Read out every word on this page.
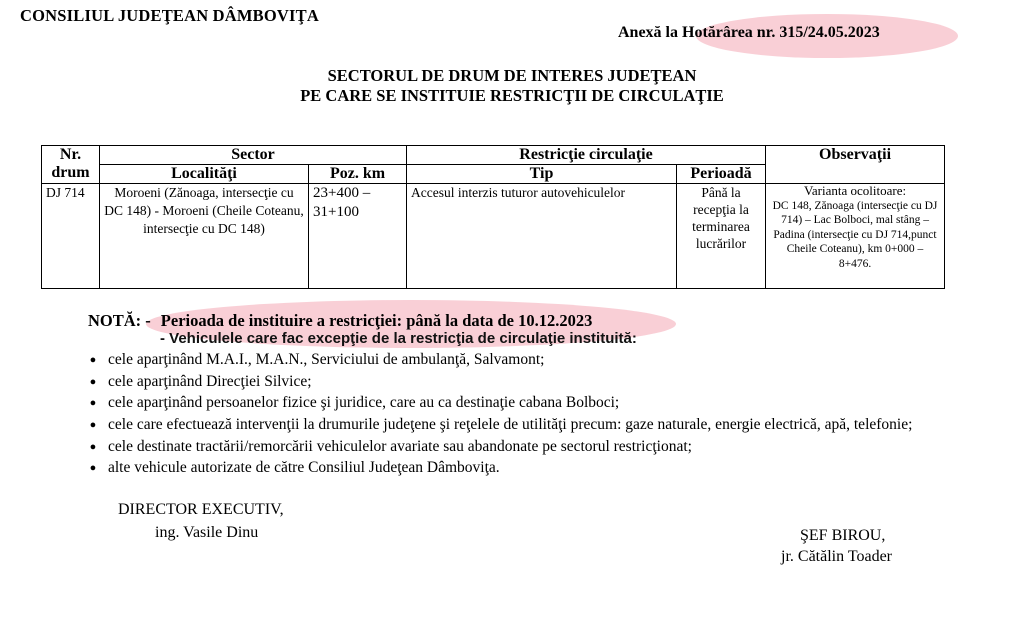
CONSILIUL JUDEŢEAN DÂMBOVIŢA
Anexă la Hotărârea nr. 315/24.05.2023
SECTORUL DE DRUM DE INTERES JUDEŢEAN
PE CARE SE INSTITUIE RESTRICŢII DE CIRCULAŢIE
Nr. drum	Sector		Restricţie circulaţie		Observaţii
	Localităţi	Poz. km	Tip	Perioadă	
DJ 714	Moroeni (Zănoaga, intersecţie cu DC 148) - Moroeni (Cheile Coteanu, intersecţie cu DC 148)	23+400 – 31+100	Accesul interzis tuturor autovehiculelor	Până la recepţia la terminarea lucrărilor	Varianta ocolitoare:
DC 148, Zănoaga (intersecţie cu DJ 714) – Lac Bolboci, mal stâng – Padina (intersecţie cu DJ 714,punct Cheile Coteanu), km 0+000 – 8+476.
NOTĂ: - Perioada de instituire a restricţiei: până la data de 10.12.2023
- Vehiculele care fac excepţie de la restricţia de circulaţie instituită:
● cele aparţinând M.A.I., M.A.N., Serviciului de ambulanţă, Salvamont;
● cele aparţinând Direcţiei Silvice;
● cele aparţinând persoanelor fizice şi juridice, care au ca destinaţie cabana Bolboci;
● cele care efectuează intervenţii la drumurile judeţene şi reţelele de utilităţi precum: gaze naturale, energie electrică, apă, telefonie;
● cele destinate tractării/remorcării vehiculelor avariate sau abandonate pe sectorul restricţionat;
● alte vehicule autorizate de către Consiliul Judeţean Dâmboviţa.
DIRECTOR EXECUTIV,
ing. Vasile Dinu	ŞEF BIROU,
jr. Cătălin Toader
